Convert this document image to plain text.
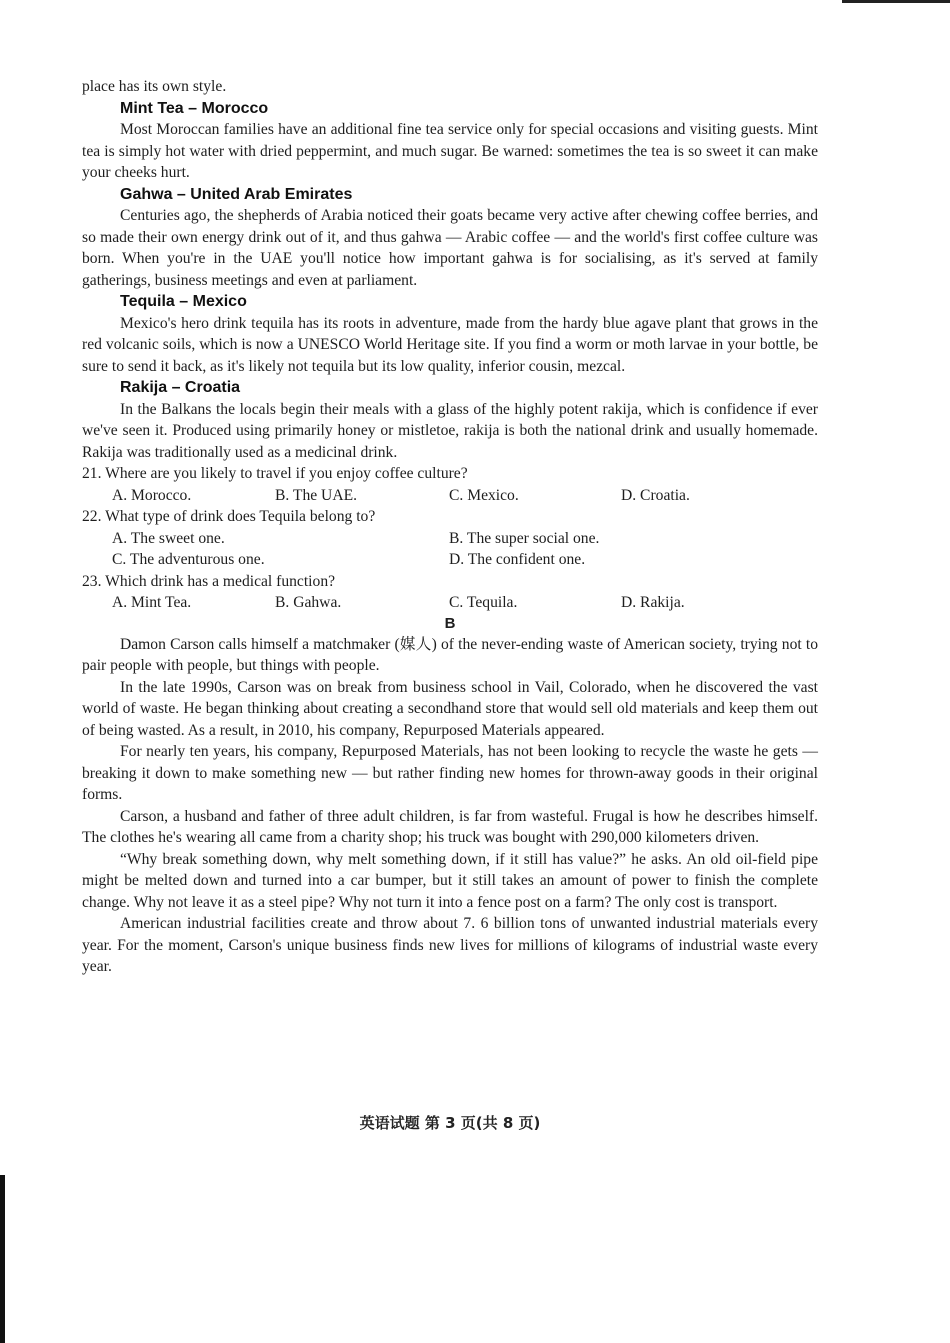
place has its own style.

Mint Tea – Morocco

Most Moroccan families have an additional fine tea service only for special occasions and visiting guests. Mint tea is simply hot water with dried peppermint, and much sugar. Be warned: sometimes the tea is so sweet it can make your cheeks hurt.

Gahwa – United Arab Emirates

Centuries ago, the shepherds of Arabia noticed their goats became very active after chewing coffee berries, and so made their own energy drink out of it, and thus gahwa — Arabic coffee — and the world's first coffee culture was born. When you're in the UAE you'll notice how important gahwa is for socialising, as it's served at family gatherings, business meetings and even at parliament.

Tequila – Mexico

Mexico's hero drink tequila has its roots in adventure, made from the hardy blue agave plant that grows in the red volcanic soils, which is now a UNESCO World Heritage site. If you find a worm or moth larvae in your bottle, be sure to send it back, as it's likely not tequila but its low quality, inferior cousin, mezcal.

Rakija – Croatia

In the Balkans the locals begin their meals with a glass of the highly potent rakija, which is confidence if ever we've seen it. Produced using primarily honey or mistletoe, rakija is both the national drink and usually homemade. Rakija was traditionally used as a medicinal drink.

21. Where are you likely to travel if you enjoy coffee culture?

A. Morocco.	B. The UAE.	C. Mexico.	D. Croatia.

22. What type of drink does Tequila belong to?

A. The sweet one.	B. The super social one.
C. The adventurous one.	D. The confident one.

23. Which drink has a medical function?

A. Mint Tea.	B. Gahwa.	C. Tequila.	D. Rakija.
B

Damon Carson calls himself a matchmaker (媒人) of the never-ending waste of American society, trying not to pair people with people, but things with people.

In the late 1990s, Carson was on break from business school in Vail, Colorado, when he discovered the vast world of waste. He began thinking about creating a secondhand store that would sell old materials and keep them out of being wasted. As a result, in 2010, his company, Repurposed Materials appeared.

For nearly ten years, his company, Repurposed Materials, has not been looking to recycle the waste he gets — breaking it down to make something new — but rather finding new homes for thrown-away goods in their original forms.

Carson, a husband and father of three adult children, is far from wasteful. Frugal is how he describes himself. The clothes he's wearing all came from a charity shop; his truck was bought with 290,000 kilometers driven.

“Why break something down, why melt something down, if it still has value?” he asks. An old oil-field pipe might be melted down and turned into a car bumper, but it still takes an amount of power to finish the complete change. Why not leave it as a steel pipe? Why not turn it into a fence post on a farm? The only cost is transport.

American industrial facilities create and throw about 7. 6 billion tons of unwanted industrial materials every year. For the moment, Carson's unique business finds new lives for millions of kilograms of industrial waste every year.

英语试题 第 3 页(共 8 页)
